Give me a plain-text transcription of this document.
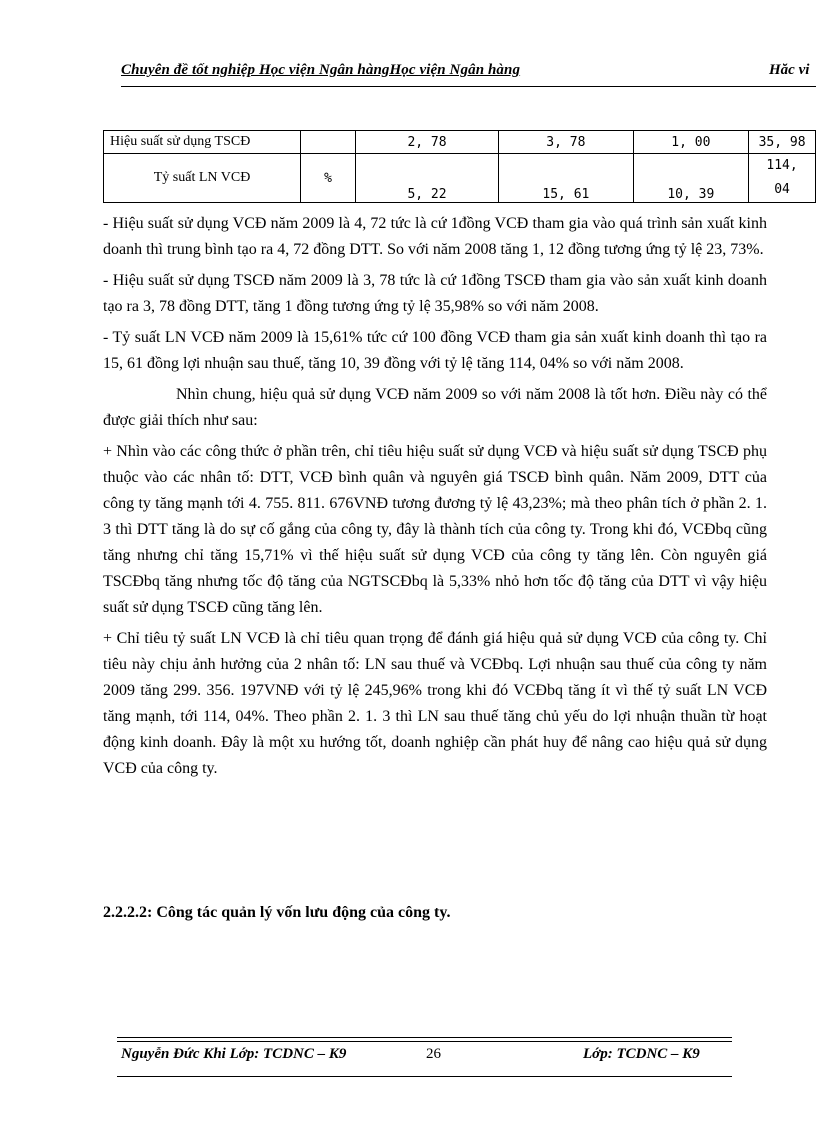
Chuyên đề tốt nghiệp Học viện Ngân hàngHọc viện Ngân hàng	Hăc vi
Hiệu suất sử dụng TSCĐ		2, 78	3, 78	1, 00	35, 98
Tỷ suất LN VCĐ	%	5, 22	15, 61	10, 39	114, 04

- Hiệu suất sử dụng VCĐ năm 2009 là 4, 72 tức là cứ 1đồng VCĐ tham gia vào quá trình sản xuất kinh doanh thì trung bình tạo ra 4, 72 đồng DTT. So với năm 2008 tăng 1, 12 đồng tương ứng tỷ lệ 23, 73%.

- Hiệu suất sử dụng TSCĐ năm 2009 là 3, 78 tức là cứ 1đồng TSCĐ tham gia vào sản xuất kinh doanh tạo ra 3, 78 đồng DTT, tăng 1 đồng tương ứng tỷ lệ 35,98% so với năm 2008.

- Tỷ suất LN VCĐ năm 2009 là 15,61% tức cứ 100 đồng VCĐ tham gia sản xuất kinh doanh thì tạo ra 15, 61 đồng lợi nhuận sau thuế, tăng 10, 39 đồng với tỷ lệ tăng 114, 04% so với năm 2008.

Nhìn chung, hiệu quả sử dụng VCĐ năm 2009 so với năm 2008 là tốt hơn. Điều này có thể được giải thích như sau:

+ Nhìn vào các công thức ở phần trên, chỉ tiêu hiệu suất sử dụng VCĐ và hiệu suất sử dụng TSCĐ phụ thuộc vào các nhân tố: DTT, VCĐ bình quân và nguyên giá TSCĐ bình quân. Năm 2009, DTT của công ty tăng mạnh tới 4. 755. 811. 676VNĐ tương đương tỷ lệ 43,23%; mà theo phân tích ở phần 2. 1. 3 thì DTT tăng là do sự cố gắng của công ty, đây là thành tích của công ty. Trong khi đó, VCĐbq cũng tăng nhưng chỉ tăng 15,71% vì thế hiệu suất sử dụng VCĐ của công ty tăng lên. Còn nguyên giá TSCĐbq tăng nhưng tốc độ tăng của NGTSCĐbq là 5,33% nhỏ hơn tốc độ tăng của DTT vì vậy hiệu suất sử dụng TSCĐ cũng tăng lên.

+ Chỉ tiêu tỷ suất LN VCĐ là chỉ tiêu quan trọng để đánh giá hiệu quả sử dụng VCĐ của công ty. Chỉ tiêu này chịu ảnh hưởng của 2 nhân tố: LN sau thuế và VCĐbq. Lợi nhuận sau thuế của công ty năm 2009 tăng 299. 356. 197VNĐ với tỷ lệ 245,96% trong khi đó VCĐbq tăng ít vì thế tỷ suất LN VCĐ tăng mạnh, tới 114, 04%. Theo phần 2. 1. 3 thì LN sau thuế tăng chủ yếu do lợi nhuận thuần từ hoạt động kinh doanh. Đây là một xu hướng tốt, doanh nghiệp cần phát huy để nâng cao hiệu quả sử dụng VCĐ của công ty.

2.2.2.2: Công tác quản lý vốn lưu động của công ty.
Nguyễn Đức Khi Lớp: TCDNC – K9	26	Lớp: TCDNC – K9
